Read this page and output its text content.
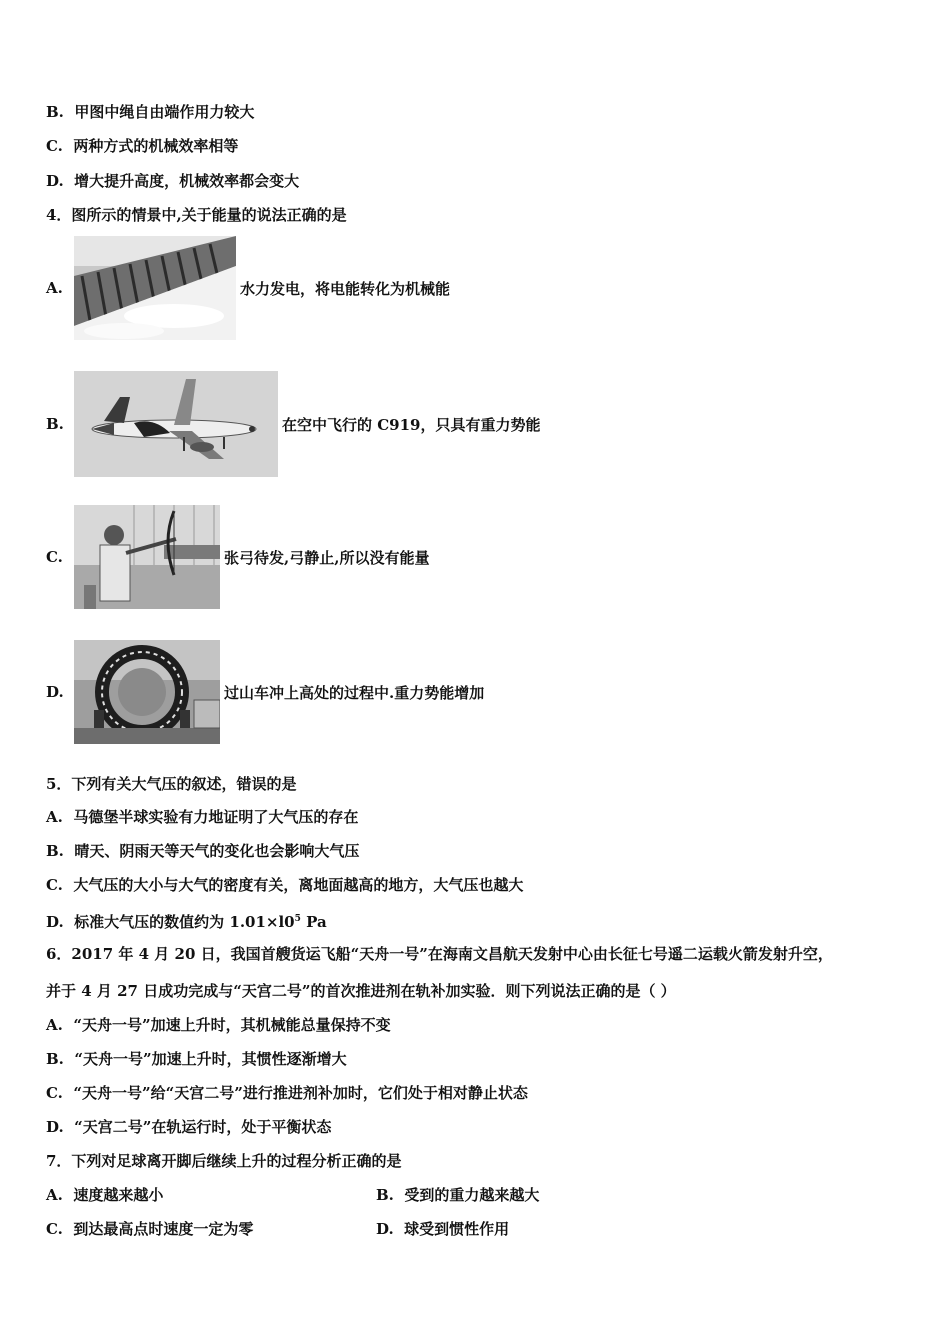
B. 甲图中绳自由端作用力较大
C. 两种方式的机械效率相等
D. 增大提升高度，机械效率都会变大
4．图所示的情景中,关于能量的说法正确的是
A.	水力发电，将电能转化为机械能
B.	在空中飞行的 C919，只具有重力势能
C.	张弓待发,弓静止,所以没有能量
D.	过山车冲上高处的过程中.重力势能增加
5．下列有关大气压的叙述，错误的是
A. 马德堡半球实验有力地证明了大气压的存在
B. 晴天、阴雨天等天气的变化也会影响大气压
C. 大气压的大小与大气的密度有关，离地面越高的地方，大气压也越大
D. 标准大气压的数值约为 $1.01\times l0^5$ Pa
6．2017 年 4 月 20 日，我国首艘货运飞船“天舟一号”在海南文昌航天发射中心由长征七号遥二运载火箭发射升空，
并于 4 月 27 日成功完成与“天宫二号”的首次推进剂在轨补加实验．则下列说法正确的是（ ）
A. “天舟一号”加速上升时，其机械能总量保持不变
B. “天舟一号”加速上升时，其惯性逐渐增大
C. “天舟一号”给“天宫二号”进行推进剂补加时，它们处于相对静止状态
D. “天宫二号”在轨运行时，处于平衡状态
7．下列对足球离开脚后继续上升的过程分析正确的是
A. 速度越来越小	B. 受到的重力越来越大
C. 到达最高点时速度一定为零	D. 球受到惯性作用
